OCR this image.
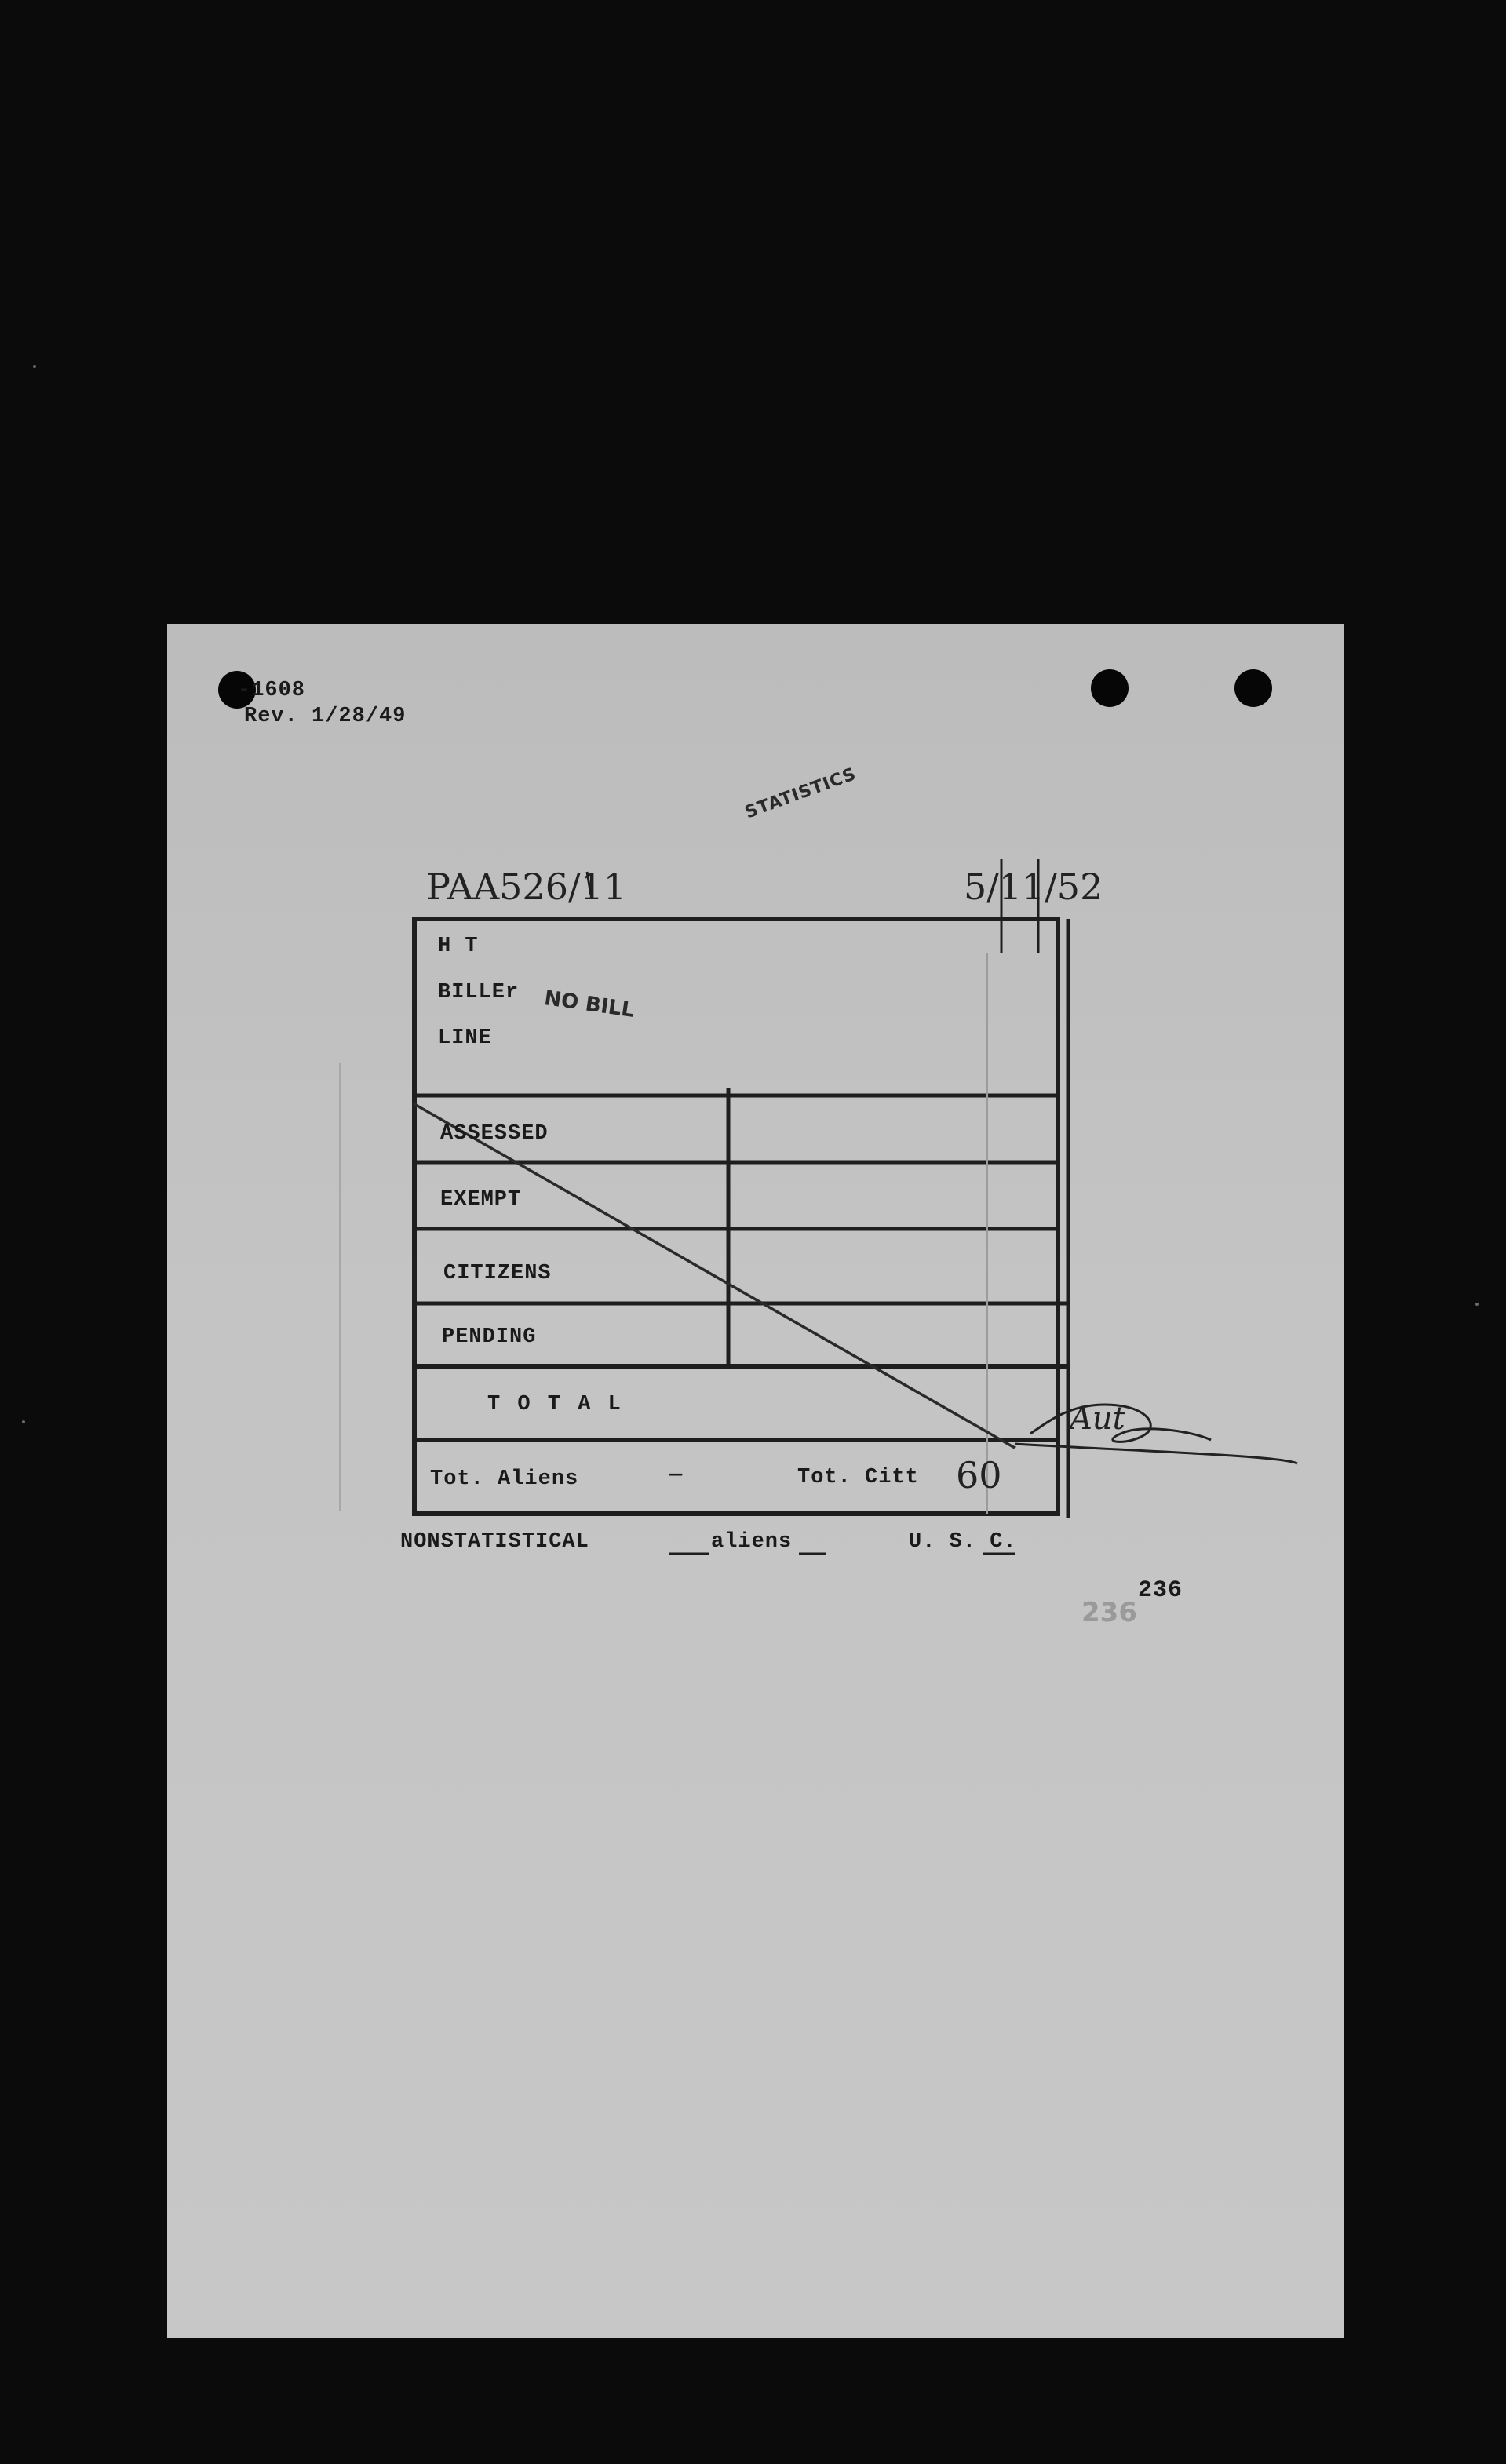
-1608
Rev. 1/28/49
STATISTICS
PAA526/11	5/11/52
H T
BILLEr
LINE
NO BILL
ASSESSED
EXEMPT
CITIZENS
PENDING
T O T A L
Tot. Aliens	—	Tot. Citt 60
Aut
NONSTATISTICAL	aliens	U. S. C.
236
236
